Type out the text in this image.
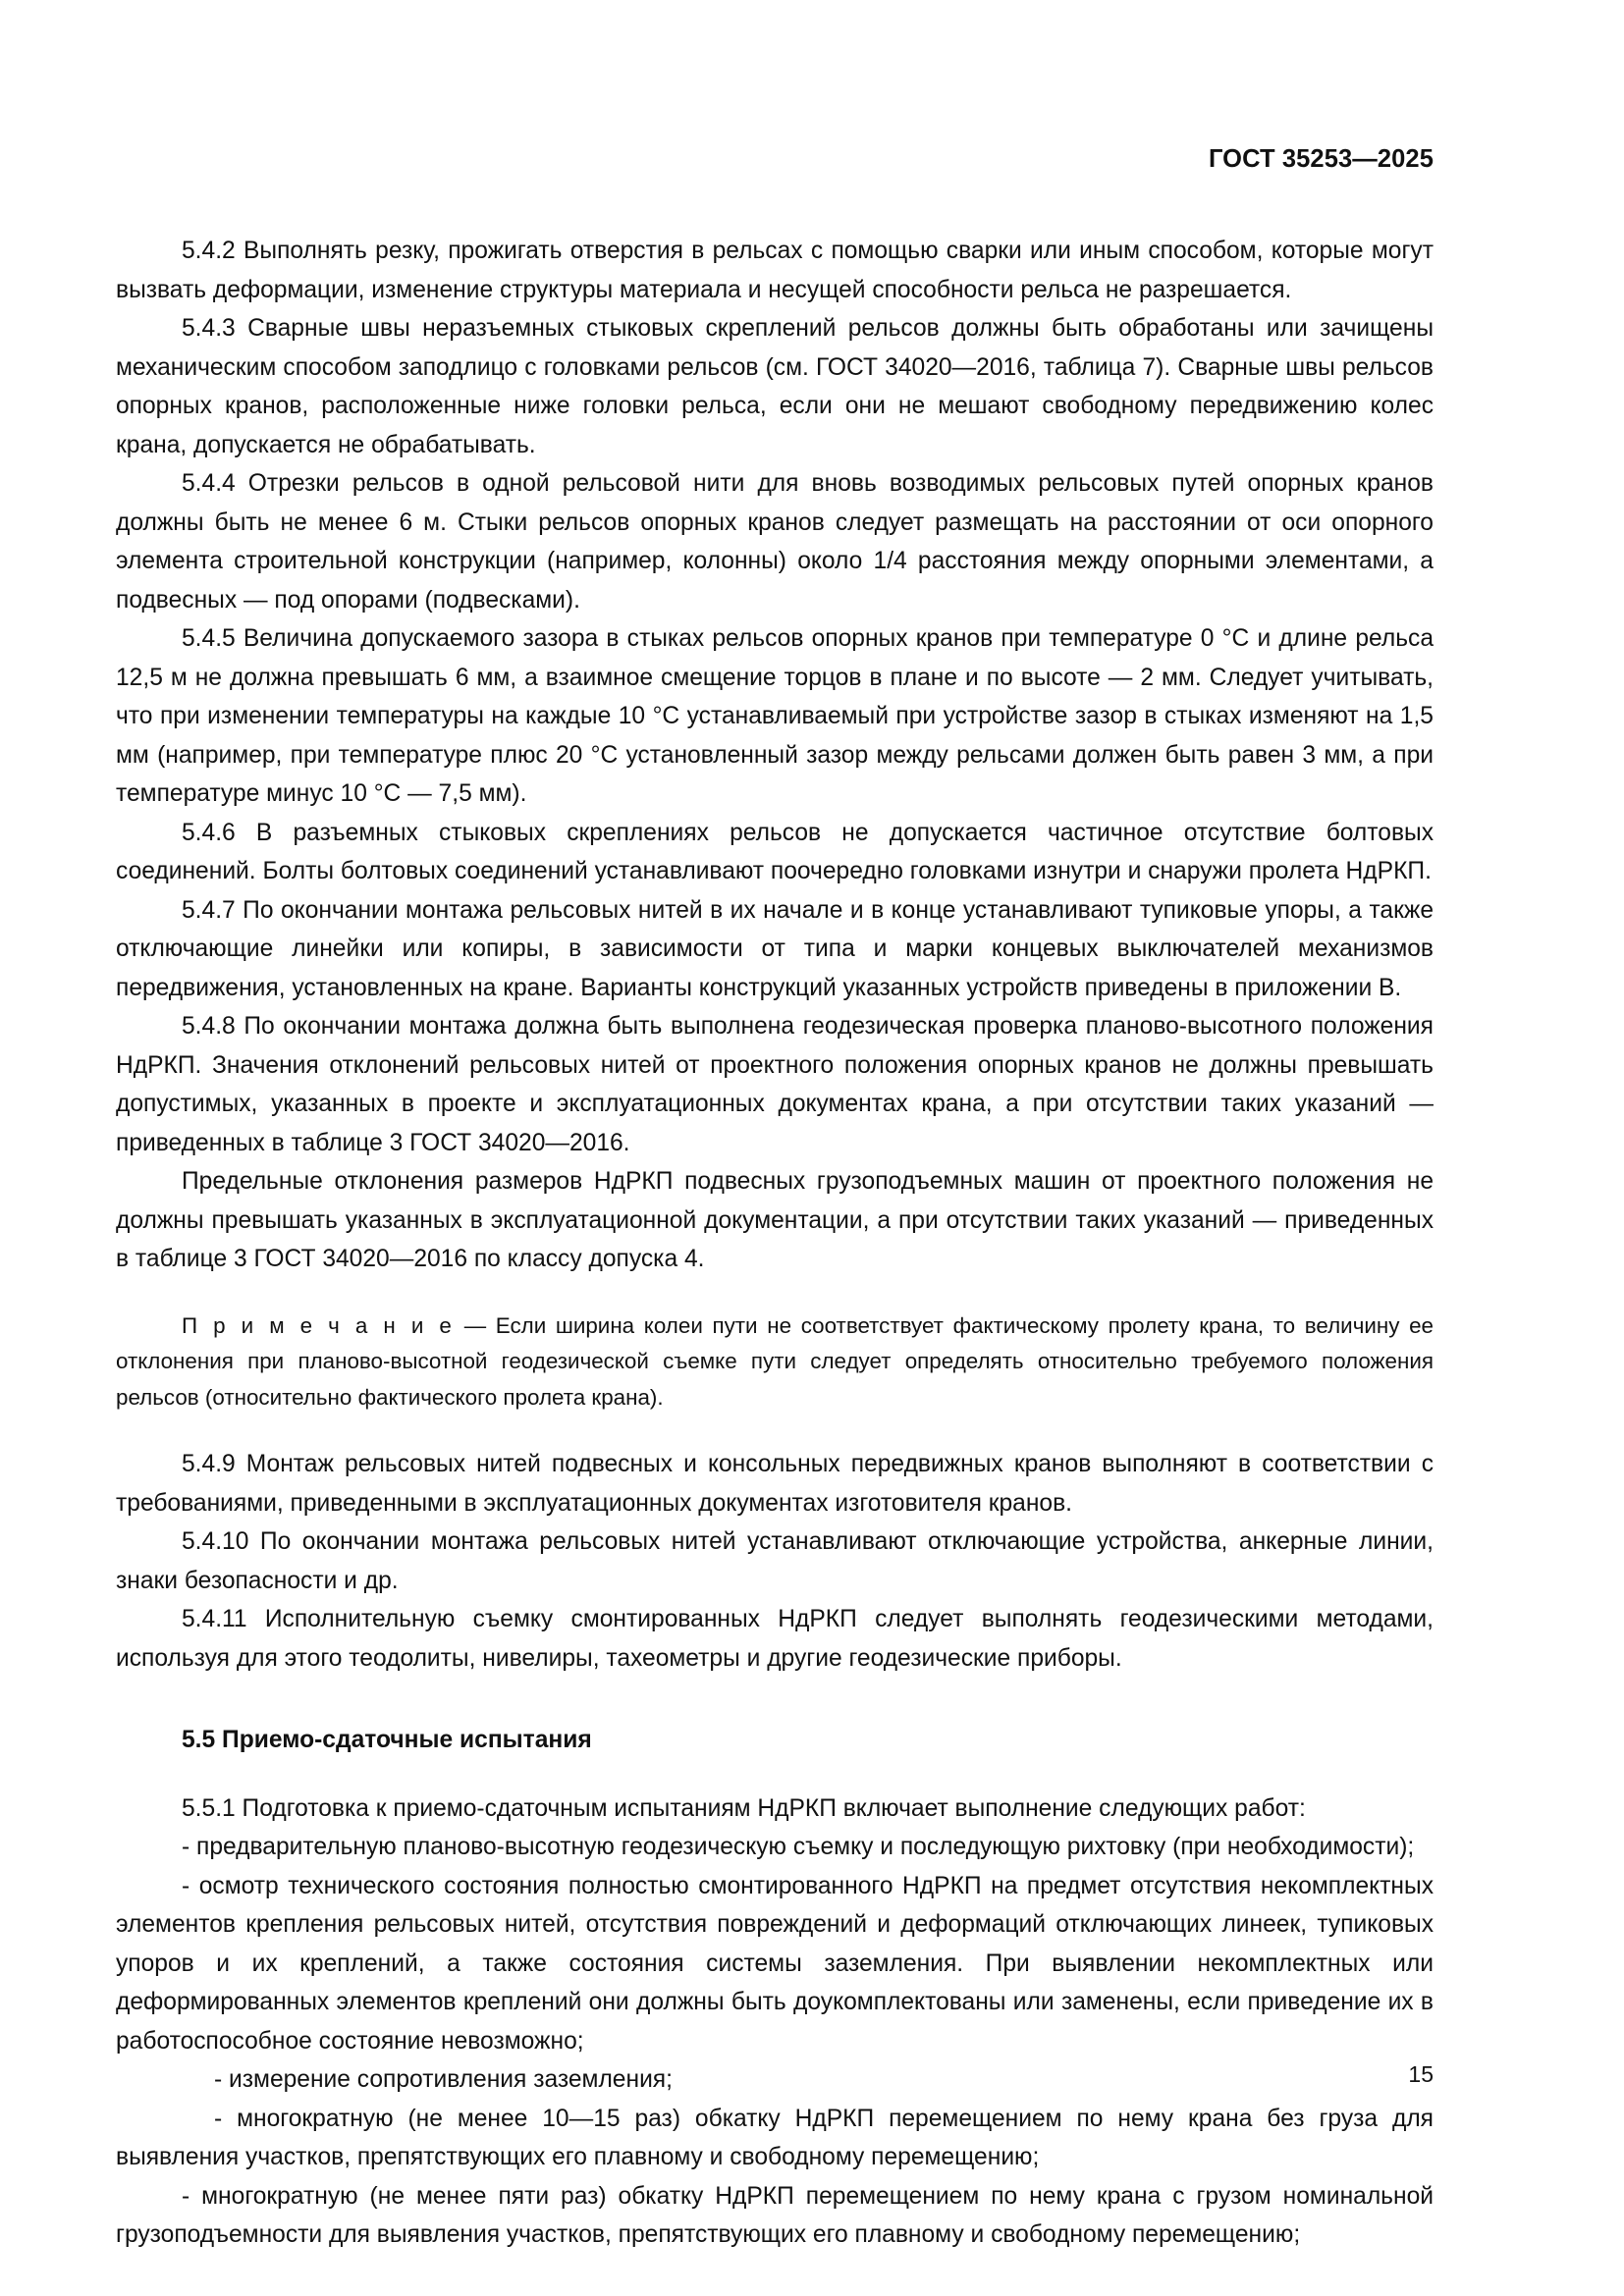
ГОСТ 35253—2025

5.4.2 Выполнять резку, прожигать отверстия в рельсах с помощью сварки или иным способом, которые могут вызвать деформации, изменение структуры материала и несущей способности рельса не разрешается.

5.4.3 Сварные швы неразъемных стыковых скреплений рельсов должны быть обработаны или зачищены механическим способом заподлицо с головками рельсов (см. ГОСТ 34020—2016, таблица 7). Сварные швы рельсов опорных кранов, расположенные ниже головки рельса, если они не мешают свободному передвижению колес крана, допускается не обрабатывать.

5.4.4 Отрезки рельсов в одной рельсовой нити для вновь возводимых рельсовых путей опорных кранов должны быть не менее 6 м. Стыки рельсов опорных кранов следует размещать на расстоянии от оси опорного элемента строительной конструкции (например, колонны) около 1/4 расстояния между опорными элементами, а подвесных — под опорами (подвесками).

5.4.5 Величина допускаемого зазора в стыках рельсов опорных кранов при температуре 0 °С и длине рельса 12,5 м не должна превышать 6 мм, а взаимное смещение торцов в плане и по высоте — 2 мм. Следует учитывать, что при изменении температуры на каждые 10 °С устанавливаемый при устройстве зазор в стыках изменяют на 1,5 мм (например, при температуре плюс 20 °С установленный зазор между рельсами должен быть равен 3 мм, а при температуре минус 10 °С — 7,5 мм).

5.4.6 В разъемных стыковых скреплениях рельсов не допускается частичное отсутствие болтовых соединений. Болты болтовых соединений устанавливают поочередно головками изнутри и снаружи пролета НдРКП.

5.4.7 По окончании монтажа рельсовых нитей в их начале и в конце устанавливают тупиковые упоры, а также отключающие линейки или копиры, в зависимости от типа и марки концевых выключателей механизмов передвижения, установленных на кране. Варианты конструкций указанных устройств приведены в приложении В.

5.4.8 По окончании монтажа должна быть выполнена геодезическая проверка планово-высотного положения НдРКП. Значения отклонений рельсовых нитей от проектного положения опорных кранов не должны превышать допустимых, указанных в проекте и эксплуатационных документах крана, а при отсутствии таких указаний — приведенных в таблице 3 ГОСТ 34020—2016.

Предельные отклонения размеров НдРКП подвесных грузоподъемных машин от проектного положения не должны превышать указанных в эксплуатационной документации, а при отсутствии таких указаний — приведенных в таблице 3 ГОСТ 34020—2016 по классу допуска 4.

П р и м е ч а н и е — Если ширина колеи пути не соответствует фактическому пролету крана, то величину ее отклонения при планово-высотной геодезической съемке пути следует определять относительно требуемого положения рельсов (относительно фактического пролета крана).

5.4.9 Монтаж рельсовых нитей подвесных и консольных передвижных кранов выполняют в соответствии с требованиями, приведенными в эксплуатационных документах изготовителя кранов.

5.4.10 По окончании монтажа рельсовых нитей устанавливают отключающие устройства, анкерные линии, знаки безопасности и др.

5.4.11 Исполнительную съемку смонтированных НдРКП следует выполнять геодезическими методами, используя для этого теодолиты, нивелиры, тахеометры и другие геодезические приборы.

5.5 Приемо-сдаточные испытания

5.5.1 Подготовка к приемо-сдаточным испытаниям НдРКП включает выполнение следующих работ:

- предварительную планово-высотную геодезическую съемку и последующую рихтовку (при необходимости);

- осмотр технического состояния полностью смонтированного НдРКП на предмет отсутствия некомплектных элементов крепления рельсовых нитей, отсутствия повреждений и деформаций отключающих линеек, тупиковых упоров и их креплений, а также состояния системы заземления. При выявлении некомплектных или деформированных элементов креплений они должны быть доукомплектованы или заменены, если приведение их в работоспособное состояние невозможно;

- измерение сопротивления заземления;

- многократную (не менее 10—15 раз) обкатку НдРКП перемещением по нему крана без груза для выявления участков, препятствующих его плавному и свободному перемещению;

- многократную (не менее пяти раз) обкатку НдРКП перемещением по нему крана с грузом номинальной грузоподъемности для выявления участков, препятствующих его плавному и свободному перемещению;

15
